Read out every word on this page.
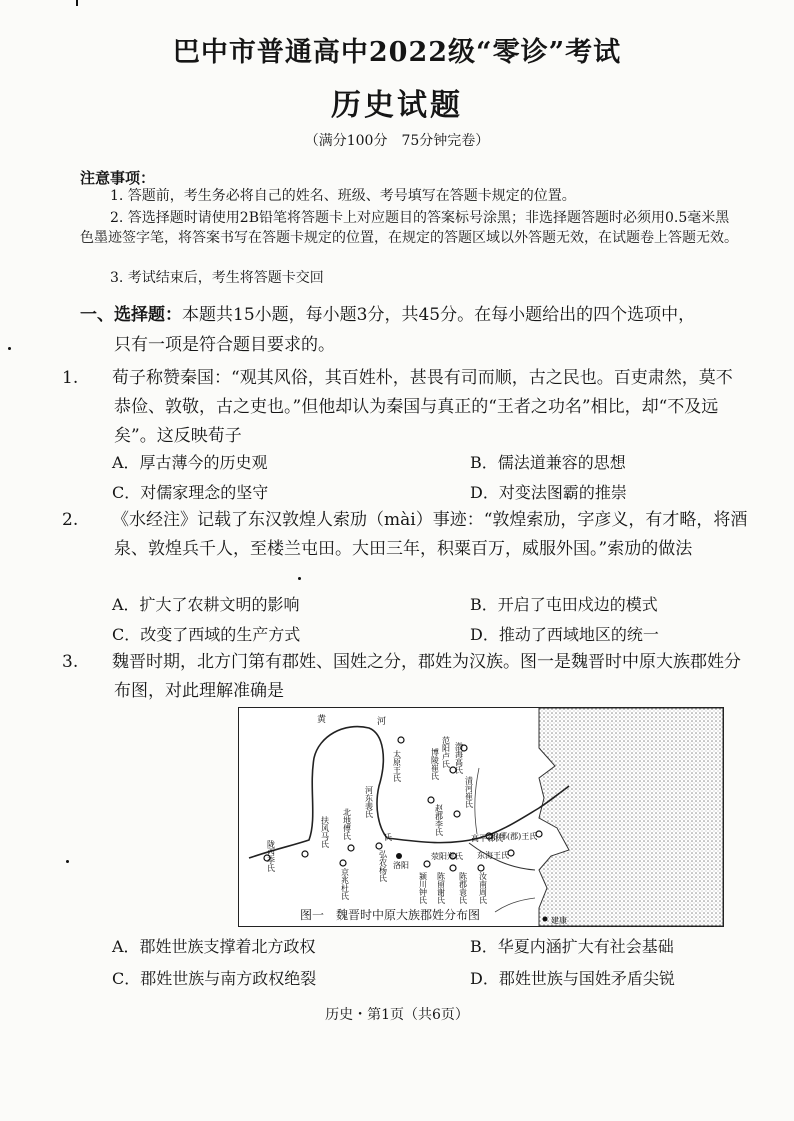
巴中市普通高中2022级“零诊”考试
历史试题
（满分100分　75分钟完卷）
注意事项：
1. 答题前，考生务必将自己的姓名、班级、考号填写在答题卡规定的位置。
2. 答选择题时请使用2B铅笔将答题卡上对应题目的答案标号涂黑；非选择题答题时必须用0.5毫米黑色墨迹签字笔，将答案书写在答题卡规定的位置，在规定的答题区域以外答题无效，在试题卷上答题无效。
3. 考试结束后，考生将答题卡交回
一、选择题：本题共15小题，每小题3分，共45分。在每小题给出的四个选项中，
只有一项是符合题目要求的。
1. 荀子称赞秦国：“观其风俗，其百姓朴，甚畏有司而顺，古之民也。百吏肃然，莫不恭俭、敦敬，古之吏也。”但他却认为秦国与真正的“王者之功名”相比，却“不及远矣”。这反映荀子
A．厚古薄今的历史观	B．儒法道兼容的思想
C．对儒家理念的坚守	D．对变法图霸的推崇
2. 《水经注》记载了东汉敦煌人索劢（mài）事迹：“敦煌索劢，字彦义，有才略，将酒泉、敦煌兵千人，至楼兰屯田。大田三年，积粟百万，威服外国。”索劢的做法
A．扩大了农耕文明的影响	B．开启了屯田戍边的模式
C．改变了西域的生产方式	D．推动了西域地区的统一
3. 魏晋时期，北方门第有郡姓、国姓之分，郡姓为汉族。图一是魏晋时中原大族郡姓分布图，对此理解准确是
黄	河
琅琊(郡)王氏
高平郗氏
东海王氏
荥阳郑氏
洛阳
氏
建康
范阳卢氏 渤海高氏
博陵崔氏
清河崔氏
赵郡李氏
太原王氏
河东裴氏
北地傅氏
扶风马氏
陇西李氏
京兆杜氏	颍川钟氏 陈留谢氏 陈郡袁氏 汝南周氏
弘农杨氏
图一　魏晋时中原大族郡姓分布图
A．郡姓世族支撑着北方政权	B．华夏内涵扩大有社会基础
C．郡姓世族与南方政权绝裂	D．郡姓世族与国姓矛盾尖锐
历史・第1页（共6页）
